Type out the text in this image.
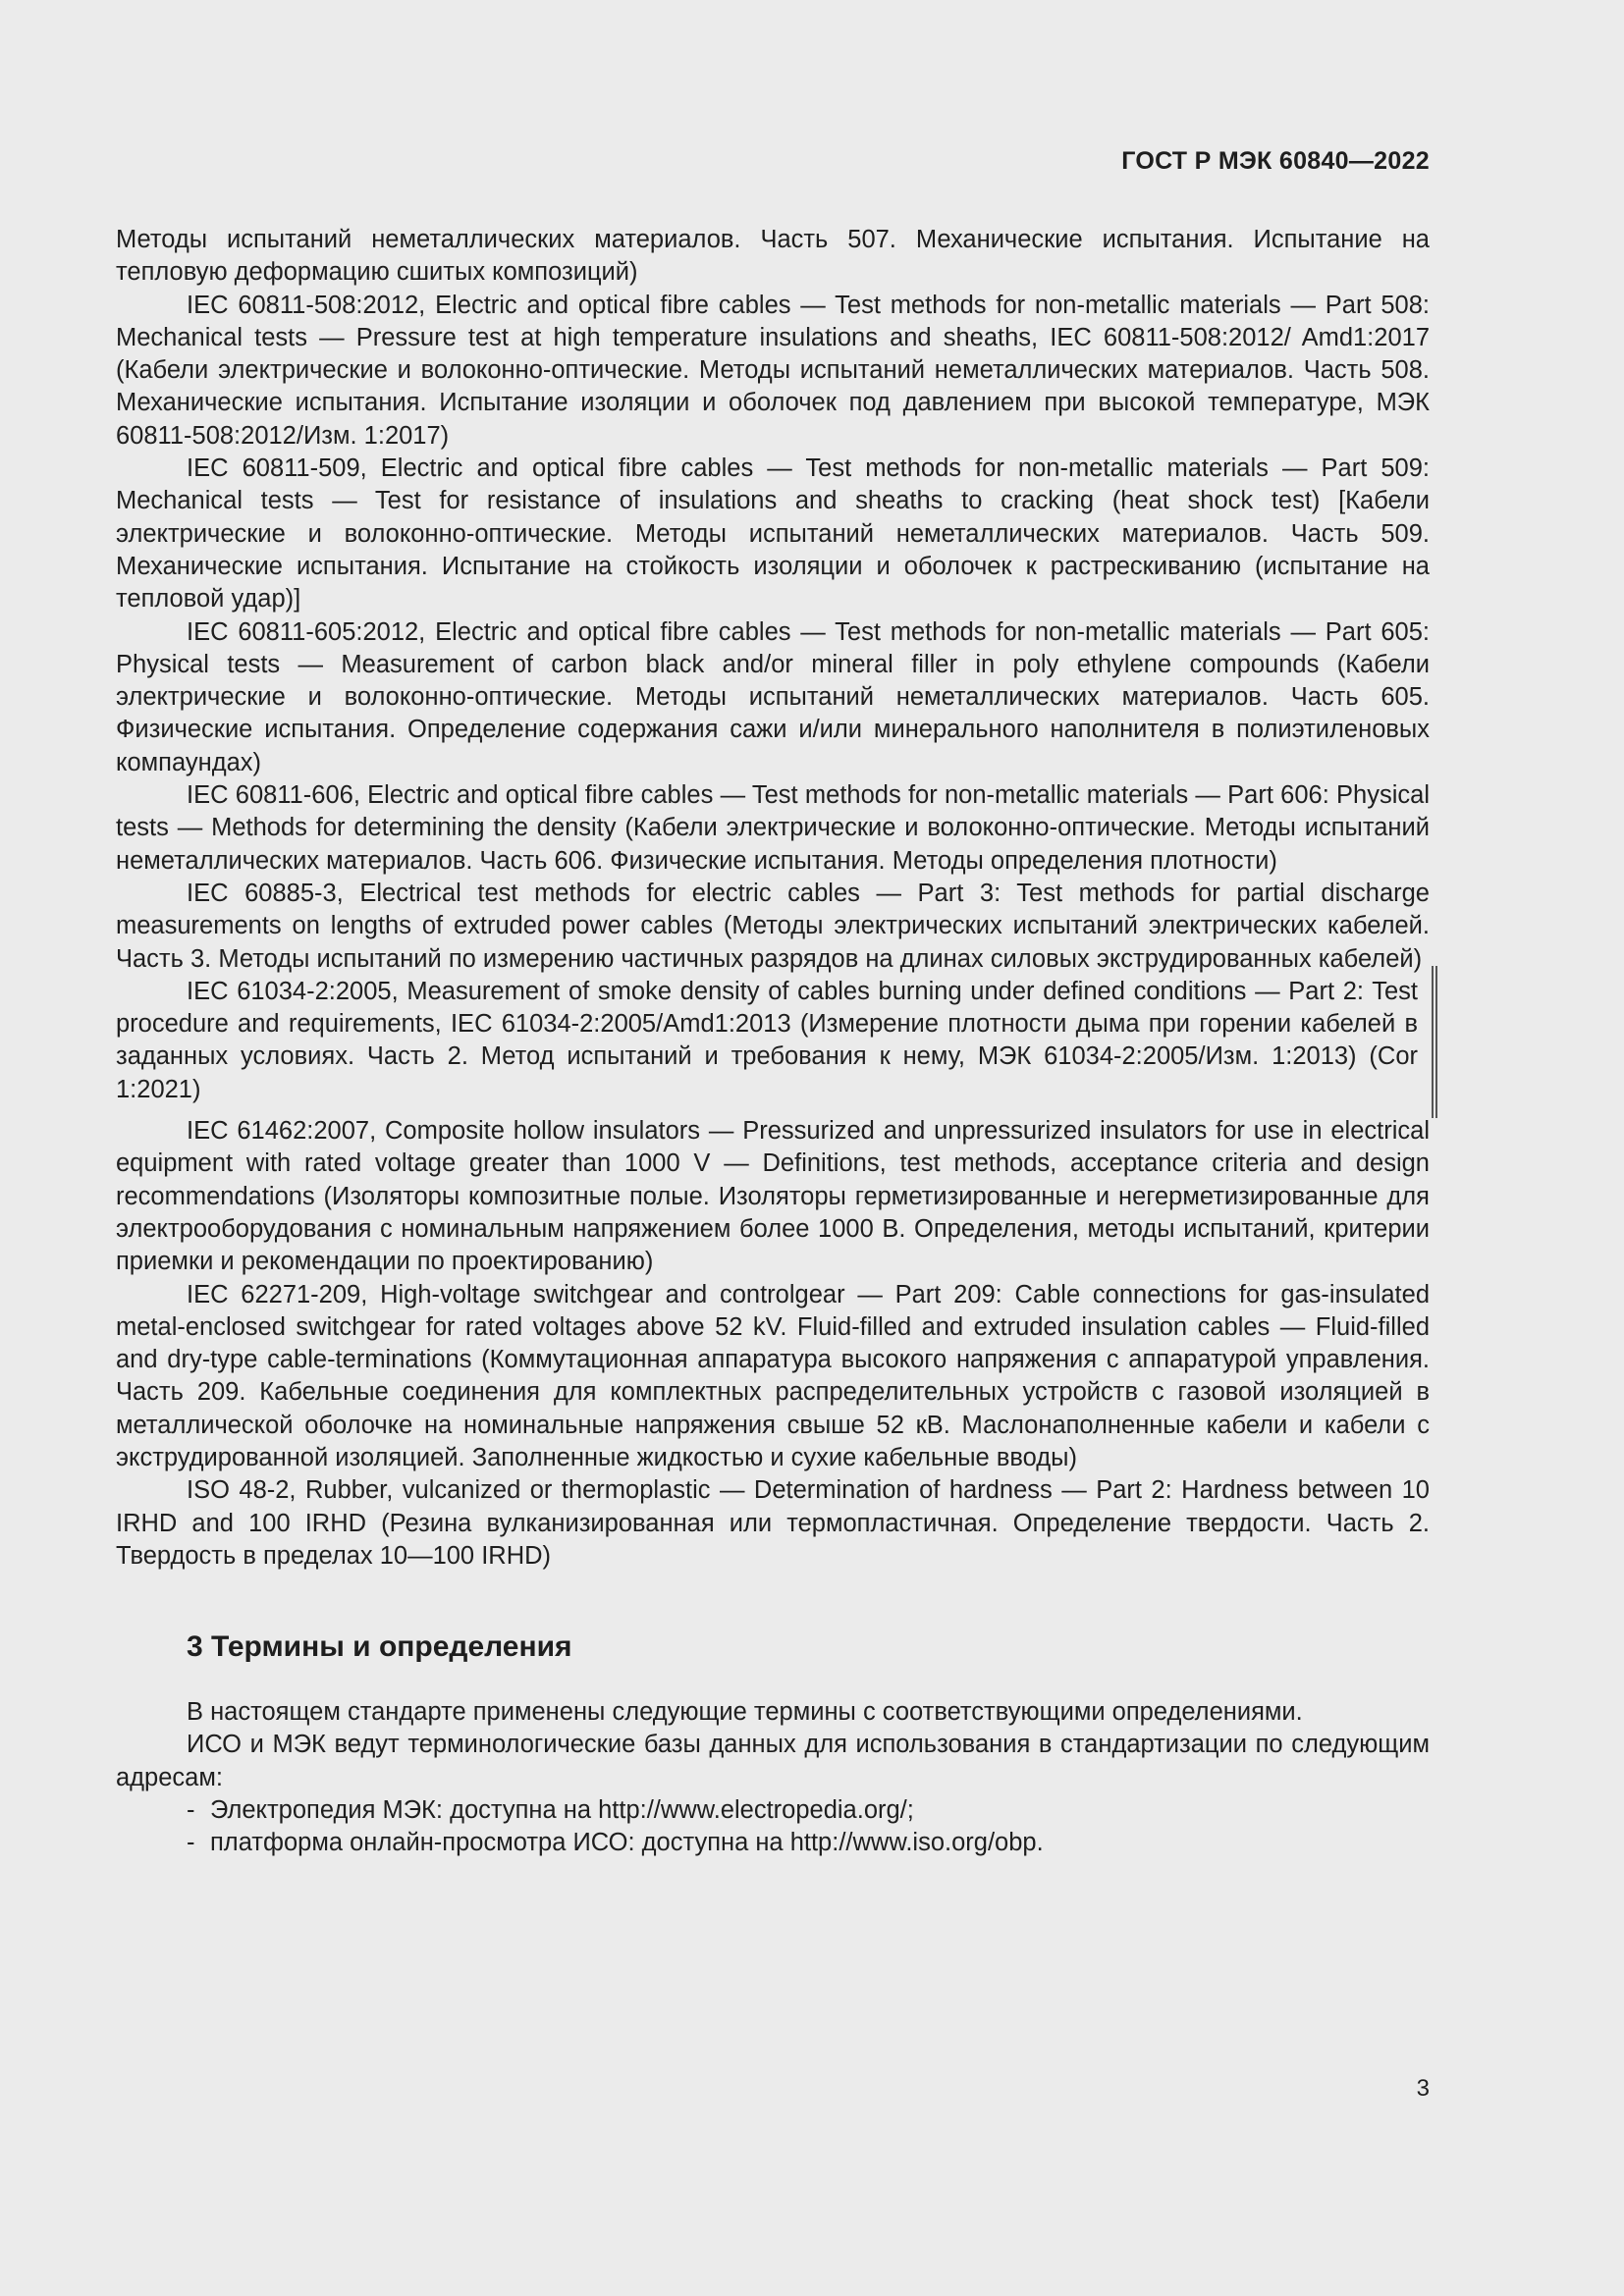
ГОСТ Р МЭК 60840—2022

Методы испытаний неметаллических материалов. Часть 507. Механические испытания. Испытание на тепловую деформацию сшитых композиций)

IEC 60811-508:2012, Electric and optical fibre cables — Test methods for non-metallic materials — Part 508: Mechanical tests — Pressure test at high temperature insulations and sheaths, IEC 60811-508:2012/ Amd1:2017 (Кабели электрические и волоконно-оптические. Методы испытаний неметаллических материалов. Часть 508. Механические испытания. Испытание изоляции и оболочек под давлением при высокой температуре, МЭК 60811-508:2012/Изм. 1:2017)

IEC 60811-509, Electric and optical fibre cables — Test methods for non-metallic materials — Part 509: Mechanical tests — Test for resistance of insulations and sheaths to cracking (heat shock test) [Кабели электрические и волоконно-оптические. Методы испытаний неметаллических материалов. Часть 509. Механические испытания. Испытание на стойкость изоляции и оболочек к растрескиванию (испытание на тепловой удар)]

IEC 60811-605:2012, Electric and optical fibre cables — Test methods for non-metallic materials — Part 605: Physical tests — Measurement of carbon black and/or mineral filler in poly ethylene compounds (Кабели электрические и волоконно-оптические. Методы испытаний неметаллических материалов. Часть 605. Физические испытания. Определение содержания сажи и/или минерального наполнителя в полиэтиленовых компаундах)

IEC 60811-606, Electric and optical fibre cables — Test methods for non-metallic materials — Part 606: Physical tests — Methods for determining the density (Кабели электрические и волоконно-оптические. Методы испытаний неметаллических материалов. Часть 606. Физические испытания. Методы определения плотности)

IEC 60885-3, Electrical test methods for electric cables — Part 3: Test methods for partial discharge measurements on lengths of extruded power cables (Методы электрических испытаний электрических кабелей. Часть 3. Методы испытаний по измерению частичных разрядов на длинах силовых экструдированных кабелей)

IEC 61034-2:2005, Measurement of smoke density of cables burning under defined conditions — Part 2: Test procedure and requirements, IEC 61034-2:2005/Amd1:2013 (Измерение плотности дыма при горении кабелей в заданных условиях. Часть 2. Метод испытаний и требования к нему, МЭК 61034-2:2005/Изм. 1:2013) (Cor 1:2021)

IEC 61462:2007, Composite hollow insulators — Pressurized and unpressurized insulators for use in electrical equipment with rated voltage greater than 1000 V — Definitions, test methods, acceptance criteria and design recommendations (Изоляторы композитные полые. Изоляторы герметизированные и негерметизированные для электрооборудования с номинальным напряжением более 1000 В. Определения, методы испытаний, критерии приемки и рекомендации по проектированию)

IEC 62271-209, High-voltage switchgear and controlgear — Part 209: Cable connections for gas-insulated metal-enclosed switchgear for rated voltages above 52 kV. Fluid-filled and extruded insulation cables — Fluid-filled and dry-type cable-terminations (Коммутационная аппаратура высокого напряжения с аппаратурой управления. Часть 209. Кабельные соединения для комплектных распределительных устройств с газовой изоляцией в металлической оболочке на номинальные напряжения свыше 52 кВ. Маслонаполненные кабели и кабели с экструдированной изоляцией. Заполненные жидкостью и сухие кабельные вводы)

ISO 48-2, Rubber, vulcanized or thermoplastic — Determination of hardness — Part 2: Hardness between 10 IRHD and 100 IRHD (Резина вулканизированная или термопластичная. Определение твердости. Часть 2. Твердость в пределах 10—100 IRHD)

3 Термины и определения

В настоящем стандарте применены следующие термины с соответствующими определениями.

ИСО и МЭК ведут терминологические базы данных для использования в стандартизации по следующим адресам:

- Электропедия МЭК: доступна на http://www.electropedia.org/;

- платформа онлайн-просмотра ИСО: доступна на http://www.iso.org/obp.

3
